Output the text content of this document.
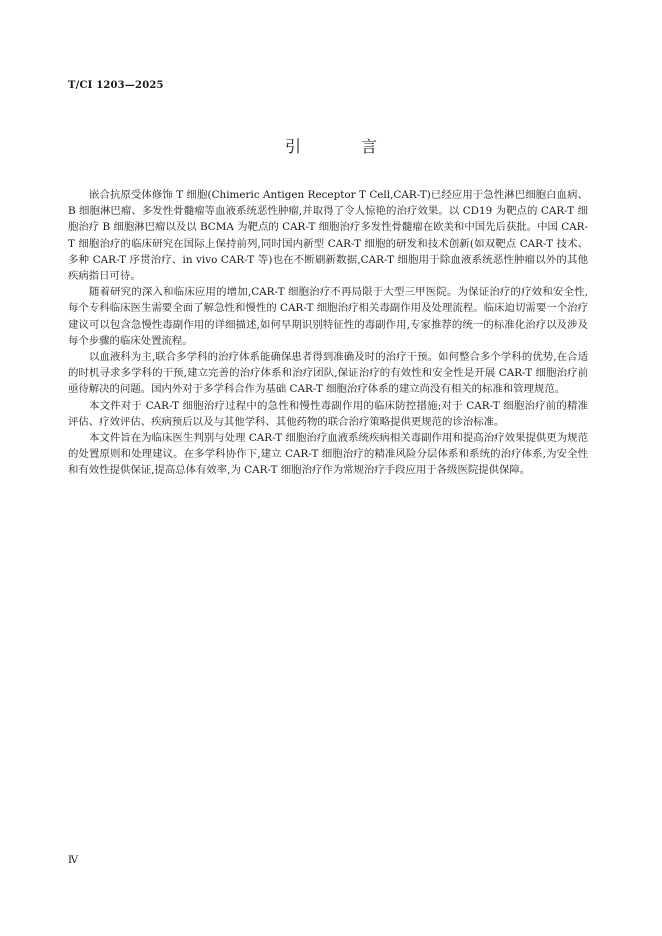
T/CI 1203—2025
引　言

嵌合抗原受体修饰 T 细胞(Chimeric Antigen Receptor T Cell,CAR-T)已经应用于急性淋巴细胞白血病、B 细胞淋巴瘤、多发性骨髓瘤等血液系统恶性肿瘤,并取得了令人惊艳的治疗效果。以 CD19 为靶点的 CAR-T 细胞治疗 B 细胞淋巴瘤以及以 BCMA 为靶点的 CAR-T 细胞治疗多发性骨髓瘤在欧美和中国先后获批。中国 CAR-T 细胞治疗的临床研究在国际上保持前列,同时国内新型 CAR-T 细胞的研发和技术创新(如双靶点 CAR-T 技术、多种 CAR-T 序贯治疗、in vivo CAR-T 等)也在不断刷新数据,CAR-T 细胞用于除血液系统恶性肿瘤以外的其他疾病指日可待。

随着研究的深入和临床应用的增加,CAR-T 细胞治疗不再局限于大型三甲医院。为保证治疗的疗效和安全性,每个专科临床医生需要全面了解急性和慢性的 CAR-T 细胞治疗相关毒副作用及处理流程。临床迫切需要一个治疗建议可以包含急慢性毒副作用的详细描述,如何早期识别特征性的毒副作用,专家推荐的统一的标准化治疗以及涉及每个步骤的临床处置流程。

以血液科为主,联合多学科的治疗体系能确保患者得到准确及时的治疗干预。如何整合多个学科的优势,在合适的时机寻求多学科的干预,建立完善的治疗体系和治疗团队,保证治疗的有效性和安全性是开展 CAR-T 细胞治疗前亟待解决的问题。国内外对于多学科合作为基础 CAR-T 细胞治疗体系的建立尚没有相关的标准和管理规范。

本文件对于 CAR-T 细胞治疗过程中的急性和慢性毒副作用的临床防控措施;对于 CAR-T 细胞治疗前的精准评估、疗效评估、疾病预后以及与其他学科、其他药物的联合治疗策略提供更规范的诊治标准。

本文件旨在为临床医生判别与处理 CAR-T 细胞治疗血液系统疾病相关毒副作用和提高治疗效果提供更为规范的处置原则和处理建议。在多学科协作下,建立 CAR-T 细胞治疗的精准风险分层体系和系统的治疗体系,为安全性和有效性提供保证,提高总体有效率,为 CAR-T 细胞治疗作为常规治疗手段应用于各级医院提供保障。

Ⅳ
